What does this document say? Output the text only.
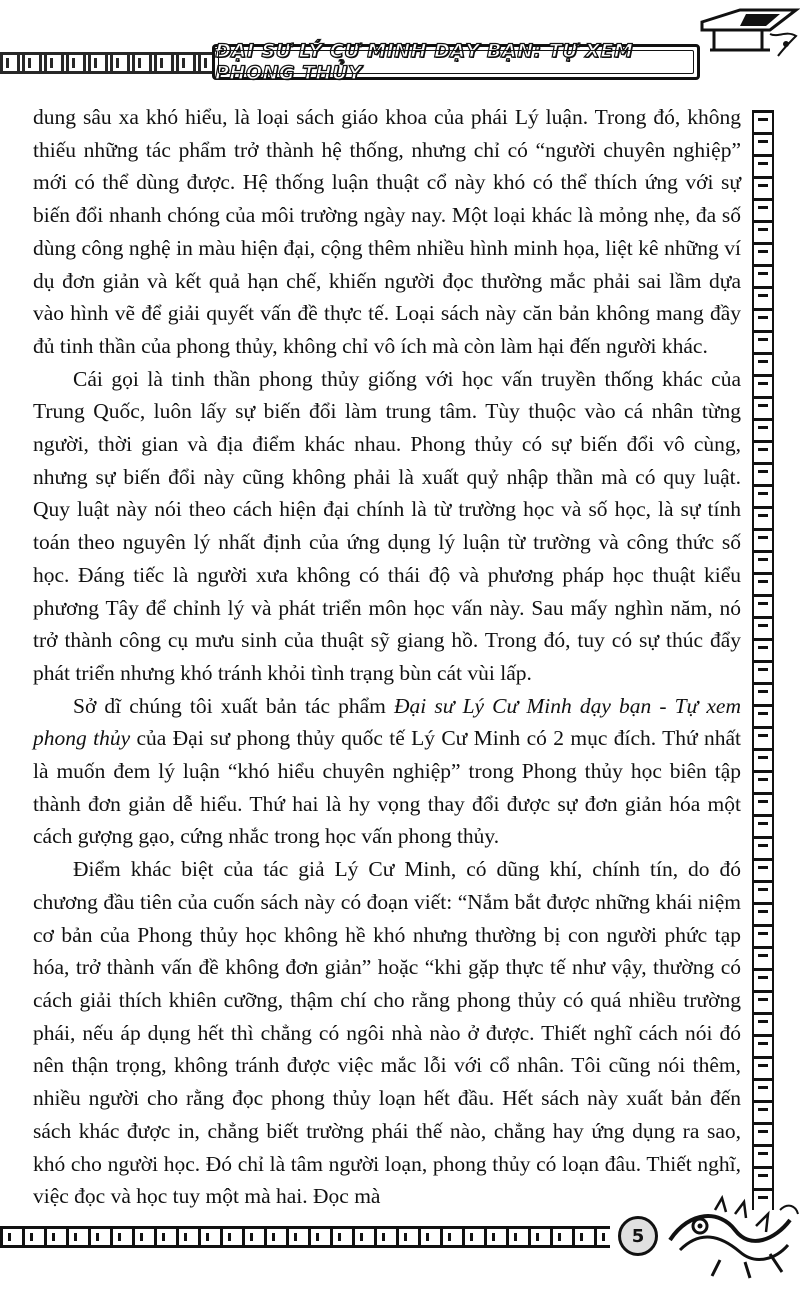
ĐẠI SƯ LÝ CƯ MINH DẠY BẠN: TỰ XEM PHONG THỦY

dung sâu xa khó hiểu, là loại sách giáo khoa của phái Lý luận. Trong đó, không thiếu những tác phẩm trở thành hệ thống, nhưng chỉ có “người chuyên nghiệp” mới có thể dùng được. Hệ thống luận thuật cổ này khó có thể thích ứng với sự biến đổi nhanh chóng của môi trường ngày nay. Một loại khác là mỏng nhẹ, đa số dùng công nghệ in màu hiện đại, cộng thêm nhiều hình minh họa, liệt kê những ví dụ đơn giản và kết quả hạn chế, khiến người đọc thường mắc phải sai lầm dựa vào hình vẽ để giải quyết vấn đề thực tế. Loại sách này căn bản không mang đầy đủ tinh thần của phong thủy, không chỉ vô ích mà còn làm hại đến người khác.

Cái gọi là tinh thần phong thủy giống với học vấn truyền thống khác của Trung Quốc, luôn lấy sự biến đổi làm trung tâm. Tùy thuộc vào cá nhân từng người, thời gian và địa điểm khác nhau. Phong thủy có sự biến đổi vô cùng, nhưng sự biến đổi này cũng không phải là xuất quỷ nhập thần mà có quy luật. Quy luật này nói theo cách hiện đại chính là từ trường học và số học, là sự tính toán theo nguyên lý nhất định của ứng dụng lý luận từ trường và công thức số học. Đáng tiếc là người xưa không có thái độ và phương pháp học thuật kiểu phương Tây để chỉnh lý và phát triển môn học vấn này. Sau mấy nghìn năm, nó trở thành công cụ mưu sinh của thuật sỹ giang hồ. Trong đó, tuy có sự thúc đẩy phát triển nhưng khó tránh khỏi tình trạng bùn cát vùi lấp.

Sở dĩ chúng tôi xuất bản tác phẩm Đại sư Lý Cư Minh dạy bạn - Tự xem phong thủy của Đại sư phong thủy quốc tế Lý Cư Minh có 2 mục đích. Thứ nhất là muốn đem lý luận “khó hiểu chuyên nghiệp” trong Phong thủy học biên tập thành đơn giản dễ hiểu. Thứ hai là hy vọng thay đổi được sự đơn giản hóa một cách gượng gạo, cứng nhắc trong học vấn phong thủy.

Điểm khác biệt của tác giả Lý Cư Minh, có dũng khí, chính tín, do đó chương đầu tiên của cuốn sách này có đoạn viết: “Nắm bắt được những khái niệm cơ bản của Phong thủy học không hề khó nhưng thường bị con người phức tạp hóa, trở thành vấn đề không đơn giản” hoặc “khi gặp thực tế như vậy, thường có cách giải thích khiên cưỡng, thậm chí cho rằng phong thủy có quá nhiều trường phái, nếu áp dụng hết thì chẳng có ngôi nhà nào ở được. Thiết nghĩ cách nói đó nên thận trọng, không tránh được việc mắc lỗi với cổ nhân. Tôi cũng nói thêm, nhiều người cho rằng đọc phong thủy loạn hết đầu. Hết sách này xuất bản đến sách khác được in, chẳng biết trường phái thế nào, chẳng hay ứng dụng ra sao, khó cho người học. Đó chỉ là tâm người loạn, phong thủy có loạn đâu. Thiết nghĩ, việc đọc và học tuy một mà hai. Đọc mà

5
